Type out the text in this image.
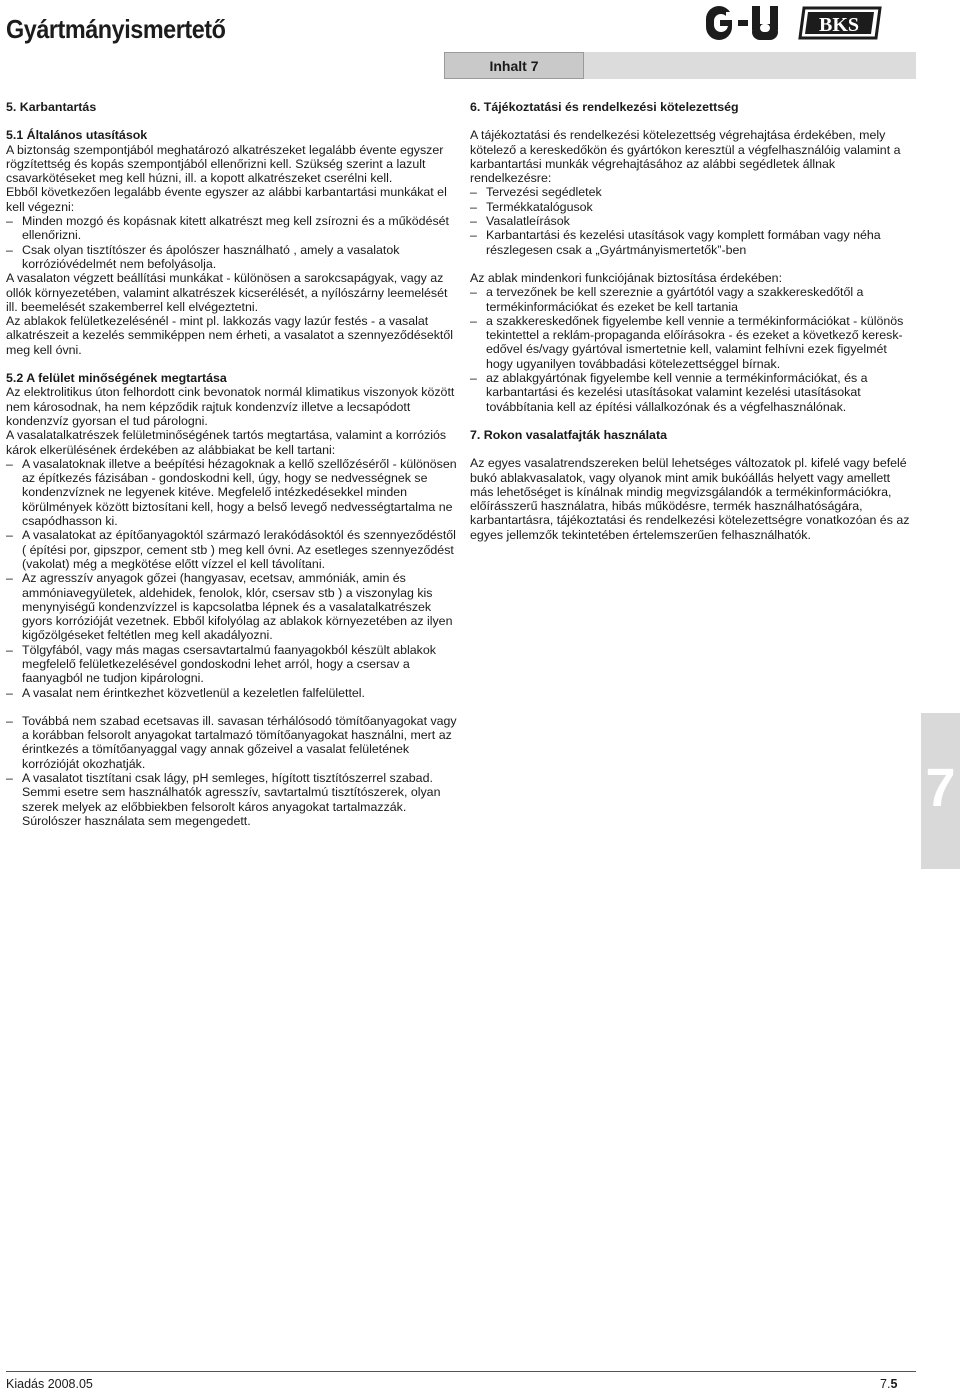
Gyártmányismertető	BKS
Inhalt 7

5. Karbantartás

5.1 Általános utasítások

A biztonság szempontjából meghatározó alkatrészeket legalább évente egyszer rögzítettség és kopás szempontjából ellenőrizni kell. Szükség szerint a lazult csavarkötéseket meg kell húzni, ill. a kopott alkatrészeket cserélni kell.

Ebből következően legalább évente egyszer az alábbi karbantartási munkákat el kell végezni:

– Minden mozgó és kopásnak kitett alkatrészt meg kell zsírozni és a működését ellenőrizni.

– Csak olyan tisztítószer és ápolószer használható , amely a vasalatok korrózióvédelmét nem befolyásolja.

A vasalaton végzett beállítási munkákat - különösen a sarokcsapágyak, vagy az ollók környezetében, valamint alkatrészek kicserélését, a nyílószárny leemelését ill. beemelését szakemberrel kell elvégeztetni.

Az ablakok felületkezelésénél - mint pl. lakkozás vagy lazúr festés - a vasalat alkatrészeit a kezelés semmiképpen nem érheti, a vasalatot a szennyeződésektől meg kell óvni.

5.2 A felület minőségének megtartása

Az elektrolitikus úton felhordott cink bevonatok normál klimatikus viszonyok között nem károsodnak, ha nem képződik rajtuk kondenzvíz illetve a lecsapódott kondenzvíz gyorsan el tud párologni.

A vasalatalkatrészek felületminőségének tartós megtartása, valamint a korróziós károk elkerülésének érdekében az alábbiakat be kell tartani:

– A vasalatoknak illetve a beépítési hézagoknak a kellő szellőzéséről - különösen az építkezés fázisában - gondoskodni kell, úgy, hogy se nedvességnek se kondenzvíznek ne legyenek kitéve. Megfelelő intézkedésekkel minden körülmények között biztosítani kell, hogy a belső levegő nedvességtartalma ne csapódhasson ki.

– A vasalatokat az építőanyagoktól származó lerakódásoktól és szennyeződéstől ( építési por, gipszpor, cement stb ) meg kell óvni. Az esetleges szennyeződést (vakolat) még a megkötése előtt vízzel el kell távolítani.

– Az agresszív anyagok gőzei (hangyasav, ecetsav, ammóniák, amin és ammóniavegyületek, aldehidek, fenolok, klór, csersav stb ) a viszonylag kis menynyiségű kondenzvízzel is kapcsolatba lépnek és a vasalatalkatrészek gyors korrózióját vezetnek. Ebből kifolyólag az ablakok környezetében az ilyen kigőzölgéseket feltétlen meg kell akadályozni.

– Tölgyfából, vagy más magas csersavtartalmú faanyagokból készült ablakok megfelelő felületkezelésével gondoskodni lehet arról, hogy a csersav a faanyagból ne tudjon kipárologni.

– A vasalat nem érintkezhet közvetlenül a kezeletlen falfelülettel.

– Továbbá nem szabad ecetsavas ill. savasan térhálósodó tömítőanyagokat vagy a korábban felsorolt anyagokat tartalmazó tömítőanyagokat használni, mert az érintkezés a tömítőanyaggal vagy annak gőzeivel a vasalat felületének korrózióját okozhatják.

– A vasalatot tisztítani csak lágy, pH semleges, hígított tisztítószerrel szabad. Semmi esetre sem használhatók agresszív, savtartalmú tisztítószerek, olyan szerek melyek az előbbiekben felsorolt káros anyagokat tartalmazzák. Súrolószer használata sem megengedett.

6. Tájékoztatási és rendelkezési kötelezettség

A tájékoztatási és rendelkezési kötelezettség végrehajtása érdekében, mely kötelező a kereskedőkön és gyártókon keresztül a végfelhasználóig valamint a karbantartási munkák végrehajtásához az alábbi segédletek állnak rendelkezésre:

– Tervezési segédletek

– Termékkatalógusok

– Vasalatleírások

– Karbantartási és kezelési utasítások vagy komplett formában vagy néha részlegesen csak a „Gyártmányismertetők”-ben

Az ablak mindenkori funkciójának biztosítása érdekében:

– a tervezőnek be kell szereznie a gyártótól vagy a szakkereskedőtől a termékinformációkat és ezeket be kell tartania

– a szakkereskedőnek figyelembe kell vennie a termékinformációkat - különös tekintettel a reklám-propaganda előírásokra - és ezeket a következő kereskedővel és/vagy gyártóval ismertetnie kell, valamint felhívni ezek figyelmét hogy ugyanilyen továbbadási kötelezettséggel bírnak.

– az ablakgyártónak figyelembe kell vennie a termékinformációkat, és a karbantartási és kezelési utasításokat valamint kezelési utasításokat továbbítania kell az építési vállalkozónak és a végfelhasználónak.

7. Rokon vasalatfajták használata

Az egyes vasalatrendszereken belül lehetséges változatok pl. kifelé vagy befelé bukó ablakvasalatok, vagy olyanok mint amik bukóállás helyett vagy amellett más lehetőséget is kínálnak mindig megvizsgálandók a termékinformációkra, előírásszerű használatra, hibás működésre, termék használhatóságára, karbantartásra, tájékoztatási és rendelkezési kötelezettségre vonatkozóan és az egyes jellemzők tekintetében értelemszerűen felhasználhatók.

7
Kiadás 2008.05	7.5
